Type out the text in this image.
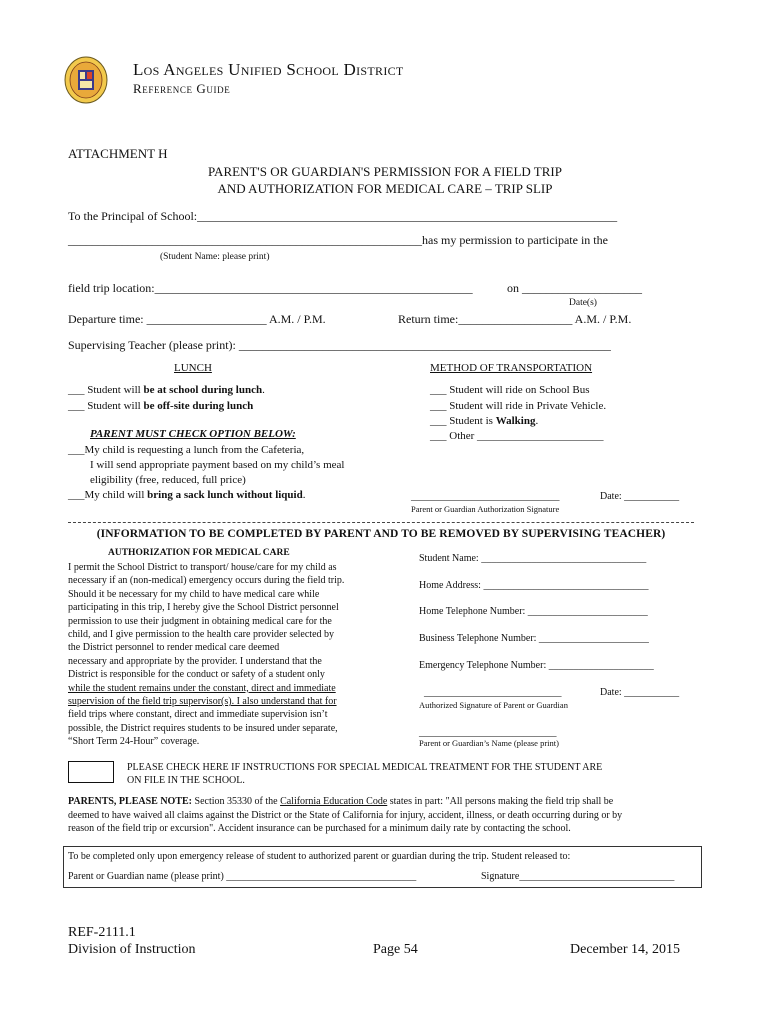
Los Angeles Unified School District
Reference Guide
ATTACHMENT H
PARENT'S OR GUARDIAN'S PERMISSION FOR A FIELD TRIP
AND AUTHORIZATION FOR MEDICAL CARE – TRIP SLIP
To the Principal of School:______________________________________________________________________
___________________________________________________________has my permission to participate in the
(Student Name: please print)
field trip location:_____________________________________________________	on ____________________
Date(s)
Departure time: ____________________ A.M. / P.M.	Return time:___________________ A.M. / P.M.
Supervising Teacher (please print): ______________________________________________________________
LUNCH
___ Student will be at school during lunch.
___ Student will be off-site during lunch
PARENT MUST CHECK OPTION BELOW:
___My child is requesting a lunch from the Cafeteria,
I will send appropriate payment based on my child’s meal
eligibility (free, reduced, full price)
___My child will bring a sack lunch without liquid.
METHOD OF TRANSPORTATION
___ Student will ride on School Bus
___ Student will ride in Private Vehicle.
___ Student is Walking.
___ Other _______________________
___________________________	Date: ___________
Parent or Guardian Authorization Signature
(INFORMATION TO BE COMPLETED BY PARENT AND TO BE REMOVED BY SUPERVISING TEACHER)
AUTHORIZATION FOR MEDICAL CARE
I permit the School District to transport/ house/care for my child as
necessary if an (non-medical) emergency occurs during the field trip.
Should it be necessary for my child to have medical care while
participating in this trip, I hereby give the School District personnel
permission to use their judgment in obtaining medical care for the
child, and I give permission to the health care provider selected by
the District personnel to render medical care deemed
necessary and appropriate by the provider. I understand that the
District is responsible for the conduct or safety of a student only
while the student remains under the constant, direct and immediate
supervision of the field trip supervisor(s). I also understand that for
field trips where constant, direct and immediate supervision isn’t
possible, the District requires students to be insured under separate,
“Short Term 24-Hour” coverage.
Student Name: _________________________________
Home Address: _________________________________
Home Telephone Number: ________________________
Business Telephone Number: ______________________
Emergency Telephone Number: _____________________
_________________________	Date: ___________
Authorized Signature of Parent or Guardian
_________________________
Parent or Guardian’s Name (please print)
PLEASE CHECK HERE IF INSTRUCTIONS FOR SPECIAL MEDICAL TREATMENT FOR THE STUDENT ARE
ON FILE IN THE SCHOOL.
PARENTS, PLEASE NOTE: Section 35330 of the California Education Code states in part: "All persons making the field trip shall be
deemed to have waived all claims against the District or the State of California for injury, accident, illness, or death occurring during or by
reason of the field trip or excursion". Accident insurance can be purchased for a minimum daily rate by contacting the school.
To be completed only upon emergency release of student to authorized parent or guardian during the trip. Student released to:
Parent or Guardian name (please print) ______________________________________	Signature_______________________________
REF-2111.1
Division of Instruction	Page 54	December 14, 2015
